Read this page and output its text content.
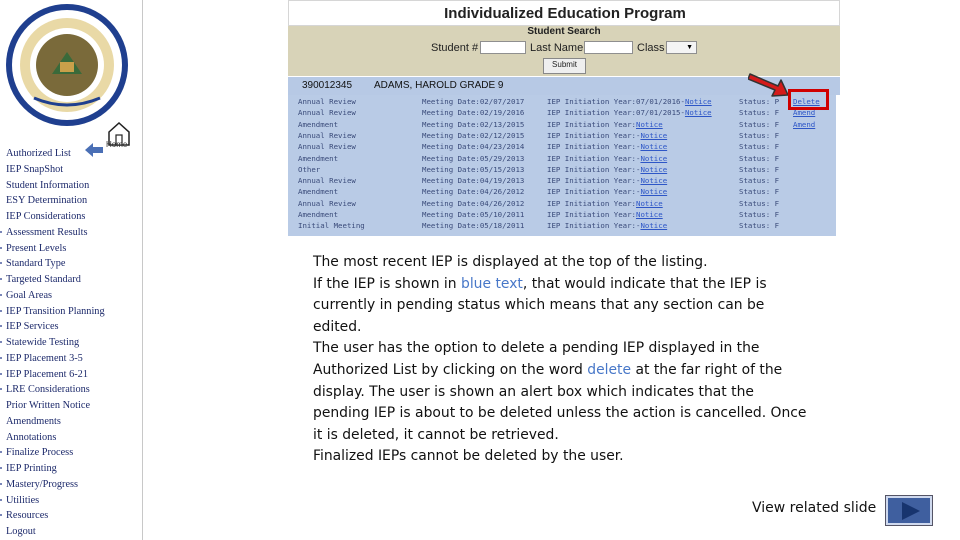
Home
Authorized List
IEP SnapShot
Student Information
ESY Determination
IEP Considerations
Assessment Results
Present Levels
Standard Type
Targeted Standard
Goal Areas
IEP Transition Planning
IEP Services
Statewide Testing
IEP Placement 3-5
IEP Placement 6-21
LRE Considerations
Prior Written Notice
Amendments
Annotations
Finalize Process
IEP Printing
Mastery/Progress
Utilities
Resources
Logout
Individualized Education Program
Student Search
Student #	Last Name	Class	▼
Submit
390012345 ADAMS, HAROLD GRADE 9
Annual Review	Meeting Date:02/07/2017	IEP Initiation Year:07/01/2016-Notice	Status: P Delete
Annual Review	Meeting Date:02/19/2016	IEP Initiation Year:07/01/2015-Notice	Status: F Amend
Amendment	Meeting Date:02/13/2015	IEP Initiation Year:Notice	Status: F Amend
Annual Review	Meeting Date:02/12/2015	IEP Initiation Year:-Notice	Status: F
Annual Review	Meeting Date:04/23/2014	IEP Initiation Year:-Notice	Status: F
Amendment	Meeting Date:05/29/2013	IEP Initiation Year:-Notice	Status: F
Other	Meeting Date:05/15/2013	IEP Initiation Year:-Notice	Status: F
Annual Review	Meeting Date:04/19/2013	IEP Initiation Year:-Notice	Status: F
Amendment	Meeting Date:04/26/2012	IEP Initiation Year:-Notice	Status: F
Annual Review	Meeting Date:04/26/2012	IEP Initiation Year:Notice	Status: F
Amendment	Meeting Date:05/10/2011	IEP Initiation Year:Notice	Status: F
Initial Meeting	Meeting Date:05/18/2011	IEP Initiation Year:-Notice	Status: F

The most recent IEP is displayed at the top of the listing.

If the IEP is shown in blue text, that would indicate that the IEP is currently in pending status which means that any section can be edited.

The user has the option to delete a pending IEP displayed in the Authorized List by clicking on the word delete at the far right of the display. The user is shown an alert box which indicates that the pending IEP is about to be deleted unless the action is cancelled. Once it is deleted, it cannot be retrieved.

Finalized IEPs cannot be deleted by the user.

View related slide
